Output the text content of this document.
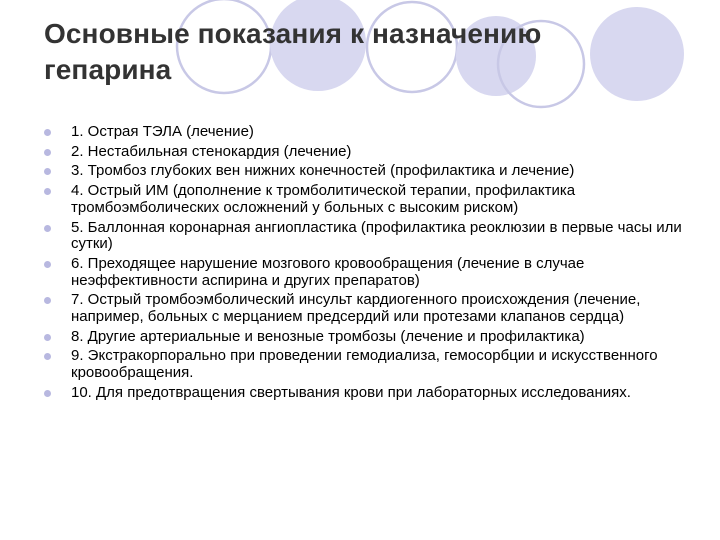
Основные показания к назначению гепарина
1. Острая ТЭЛА (лечение)
2. Нестабильная стенокардия (лечение)
3. Тромбоз глубоких вен нижних конечностей (профилактика и лечение)
4. Острый ИМ (дополнение к тромболитической терапии, профилактика тромбоэмболических осложнений у больных с высоким риском)
5. Баллонная коронарная ангиопластика (профилактика реоклюзии в первые часы или сутки)
6. Преходящее нарушение мозгового кровообращения (лечение в случае неэффективности аспирина и других препаратов)
7. Острый тромбоэмболический инсульт кардиогенного происхождения (лечение, например, больных с мерцанием предсердий или протезами клапанов сердца)
8. Другие артериальные и венозные тромбозы (лечение и профилактика)
9. Экстракорпорально при проведении гемодиализа, гемосорбции и искусственного кровообращения.
10. Для предотвращения свертывания крови при лабораторных исследованиях.
